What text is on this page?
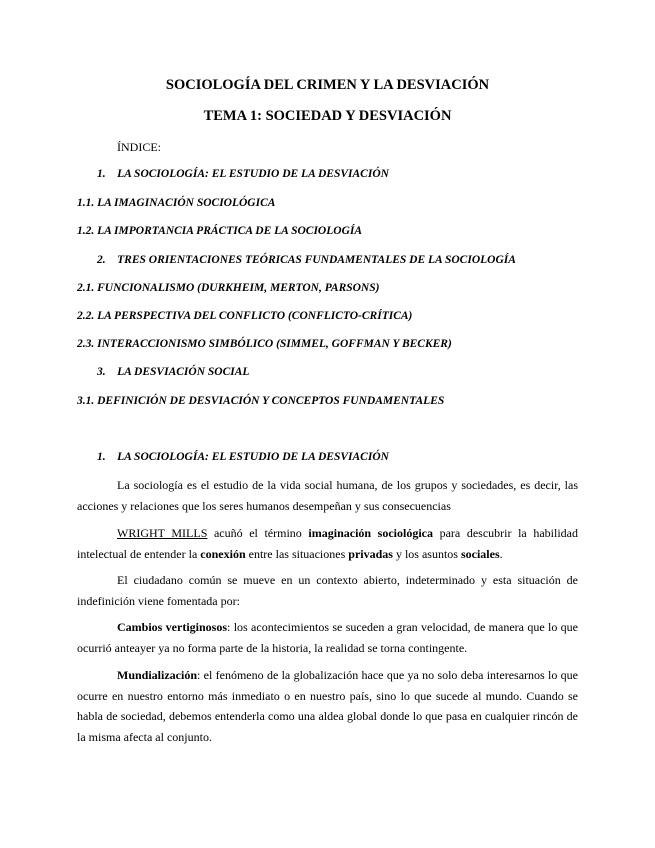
SOCIOLOGÍA DEL CRIMEN Y LA DESVIACIÓN
TEMA 1: SOCIEDAD Y DESVIACIÓN
ÍNDICE:
1.    LA SOCIOLOGÍA: EL ESTUDIO DE LA DESVIACIÓN
1.1. LA IMAGINACIÓN SOCIOLÓGICA
1.2. LA IMPORTANCIA PRÁCTICA DE LA SOCIOLOGÍA
2.    TRES ORIENTACIONES TEÓRICAS FUNDAMENTALES DE LA SOCIOLOGÍA
2.1. FUNCIONALISMO (DURKHEIM, MERTON, PARSONS)
2.2. LA PERSPECTIVA DEL CONFLICTO (CONFLICTO-CRÍTICA)
2.3. INTERACCIONISMO SIMBÓLICO (SIMMEL, GOFFMAN Y BECKER)
3.    LA DESVIACIÓN SOCIAL
3.1. DEFINICIÓN DE DESVIACIÓN Y CONCEPTOS FUNDAMENTALES
1.    LA SOCIOLOGÍA: EL ESTUDIO DE LA DESVIACIÓN

La sociología es el estudio de la vida social humana, de los grupos y sociedades, es decir, las acciones y relaciones que los seres humanos desempeñan y sus consecuencias

WRIGHT MILLS acuñó el término imaginación sociológica para descubrir la habilidad intelectual de entender la conexión entre las situaciones privadas y los asuntos sociales.

El ciudadano común se mueve en un contexto abierto, indeterminado y esta situación de indefinición viene fomentada por:

Cambios vertiginosos: los acontecimientos se suceden a gran velocidad, de manera que lo que ocurrió anteayer ya no forma parte de la historia, la realidad se torna contingente.

Mundialización: el fenómeno de la globalización hace que ya no solo deba interesarnos lo que ocurre en nuestro entorno más inmediato o en nuestro país, sino lo que sucede al mundo. Cuando se habla de sociedad, debemos entenderla como una aldea global donde lo que pasa en cualquier rincón de la misma afecta al conjunto.
